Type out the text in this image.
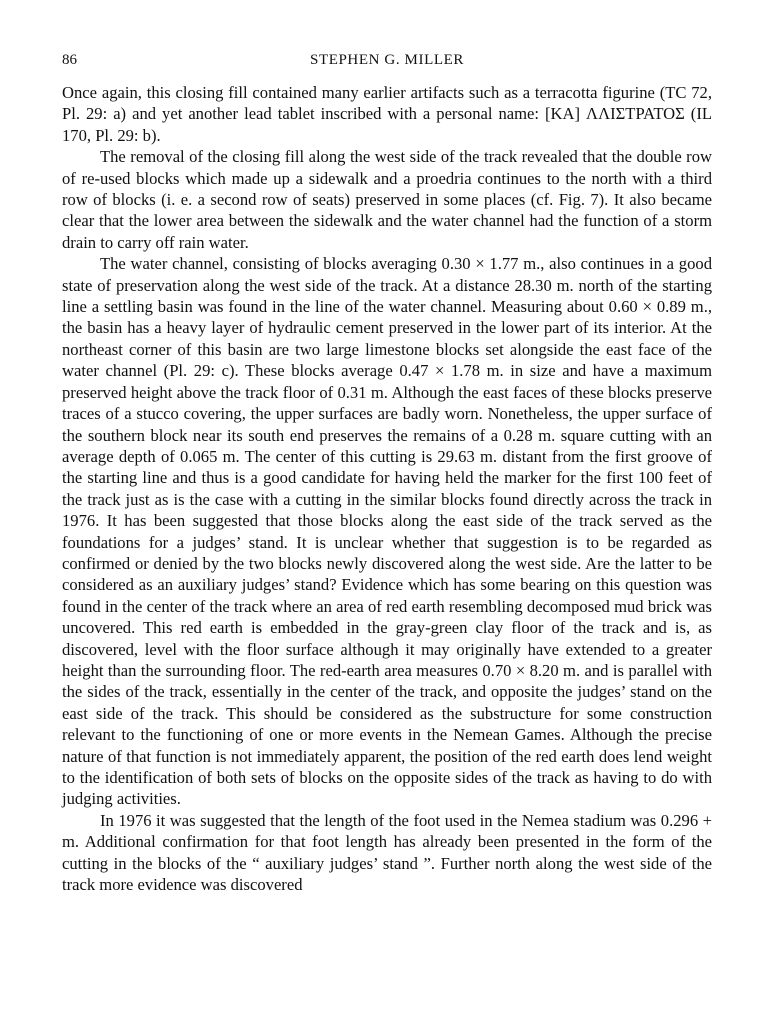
86	STEPHEN G. MILLER

Once again, this closing fill contained many earlier artifacts such as a terracotta figurine (TC 72, Pl. 29: a) and yet another lead tablet inscribed with a personal name: [ΚΑ] ΛΛΙΣΤΡΑΤΟΣ (IL 170, Pl. 29: b).

The removal of the closing fill along the west side of the track revealed that the double row of re-used blocks which made up a sidewalk and a proedria continues to the north with a third row of blocks (i. e. a second row of seats) preserved in some places (cf. Fig. 7). It also became clear that the lower area between the sidewalk and the water channel had the function of a storm drain to carry off rain water.

The water channel, consisting of blocks averaging 0.30 × 1.77 m., also continues in a good state of preservation along the west side of the track. At a distance 28.30 m. north of the starting line a settling basin was found in the line of the water channel. Measuring about 0.60 × 0.89 m., the basin has a heavy layer of hydraulic cement preserved in the lower part of its interior. At the northeast corner of this basin are two large limestone blocks set alongside the east face of the water channel (Pl. 29: c). These blocks average 0.47 × 1.78 m. in size and have a maximum preserved height above the track floor of 0.31 m. Although the east faces of these blocks preserve traces of a stucco covering, the upper surfaces are badly worn. Nonetheless, the upper surface of the southern block near its south end preserves the remains of a 0.28 m. square cutting with an average depth of 0.065 m. The center of this cutting is 29.63 m. distant from the first groove of the starting line and thus is a good candidate for having held the marker for the first 100 feet of the track just as is the case with a cutting in the similar blocks found directly across the track in 1976. It has been suggested that those blocks along the east side of the track served as the foundations for a judges’ stand. It is unclear whether that suggestion is to be regarded as confirmed or denied by the two blocks newly discovered along the west side. Are the latter to be considered as an auxiliary judges’ stand? Evidence which has some bearing on this question was found in the center of the track where an area of red earth resembling decomposed mud brick was uncovered. This red earth is embedded in the gray-green clay floor of the track and is, as discovered, level with the floor surface although it may originally have extended to a greater height than the surrounding floor. The red-earth area measures 0.70 × 8.20 m. and is parallel with the sides of the track, essentially in the center of the track, and opposite the judges’ stand on the east side of the track. This should be considered as the substructure for some construction relevant to the functioning of one or more events in the Nemean Games. Although the precise nature of that function is not immediately apparent, the position of the red earth does lend weight to the identification of both sets of blocks on the opposite sides of the track as having to do with judging activities.

In 1976 it was suggested that the length of the foot used in the Nemea stadium was 0.296 + m. Additional confirmation for that foot length has already been presented in the form of the cutting in the blocks of the “ auxiliary judges’ stand ”. Further north along the west side of the track more evidence was discovered
